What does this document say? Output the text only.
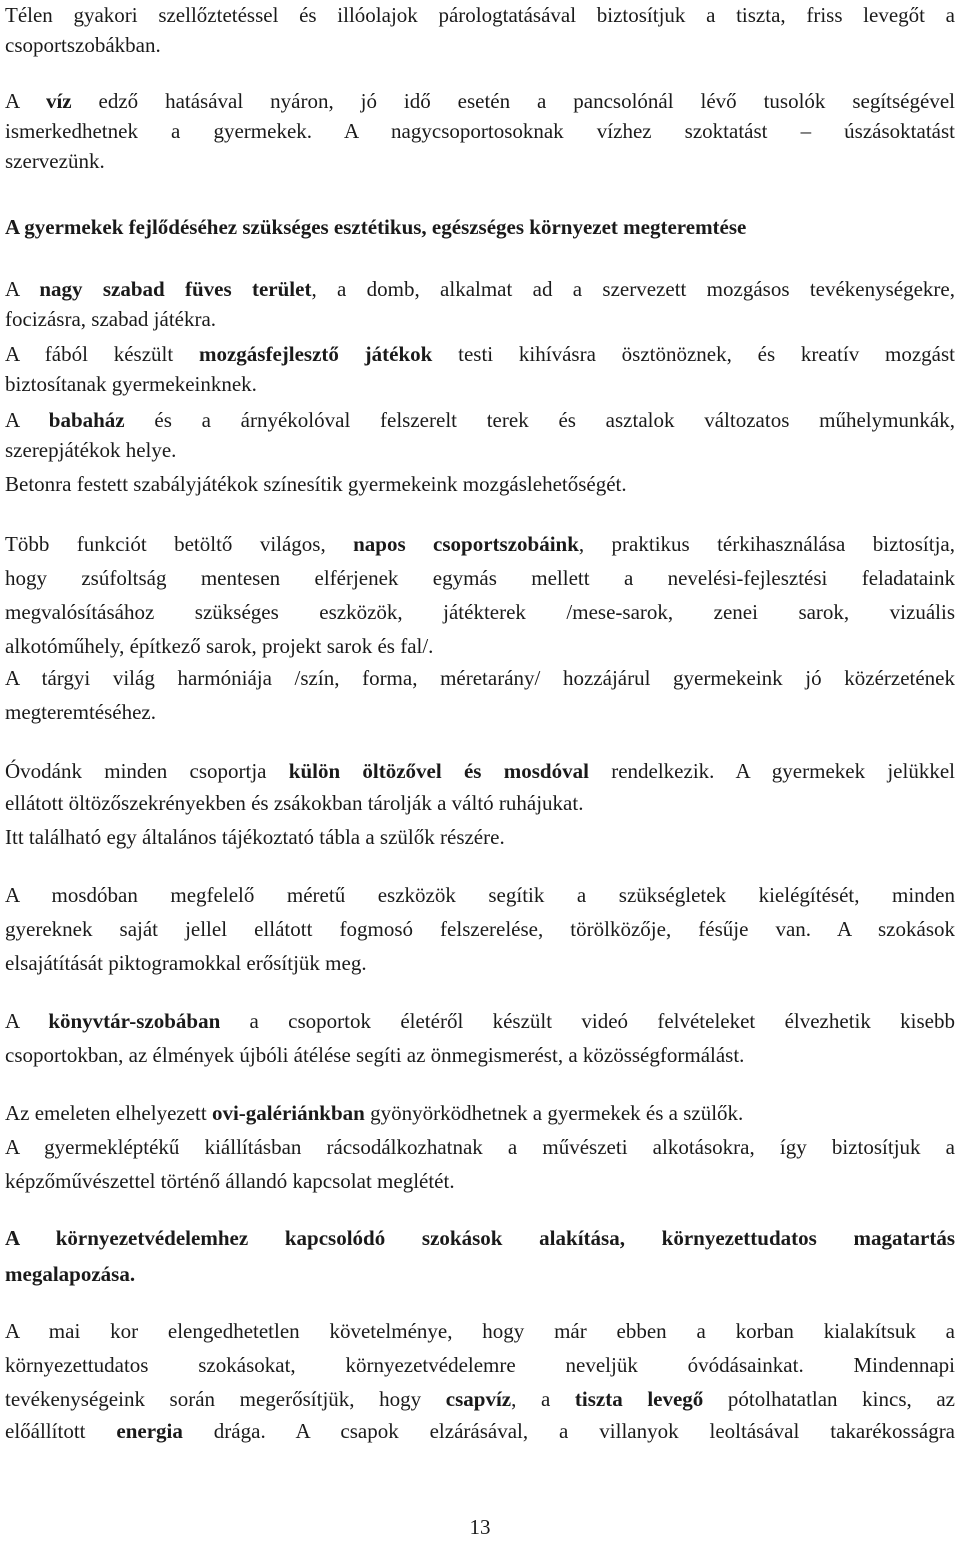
Télen gyakori szellőztetéssel és illóolajok párologtatásával biztosítjuk a tiszta, friss levegőt a
csoportszobákban.
A víz edző hatásával nyáron, jó idő esetén a pancsolónál lévő tusolók segítségével
ismerkedhetnek a gyermekek. A nagycsoportosoknak vízhez szoktatást – úszásoktatást
szervezünk.
A gyermekek fejlődéséhez szükséges esztétikus, egészséges környezet megteremtése
A nagy szabad füves terület, a domb, alkalmat ad a szervezett mozgásos tevékenységekre,
focizásra, szabad játékra.
A fából készült mozgásfejlesztő játékok testi kihívásra ösztönöznek, és kreatív mozgást
biztosítanak gyermekeinknek.
A babaház és a árnyékolóval felszerelt terek és asztalok változatos műhelymunkák,
szerepjátékok helye.
Betonra festett szabályjátékok színesítik gyermekeink mozgáslehetőségét.
Több funkciót betöltő világos, napos csoportszobáink, praktikus térkihasználása biztosítja,
hogy zsúfoltság mentesen elférjenek egymás mellett a nevelési-fejlesztési feladataink
megvalósításához szükséges eszközök, játékterek /mese-sarok, zenei sarok, vizuális
alkotóműhely, építkező sarok, projekt sarok és fal/.
A tárgyi világ harmóniája /szín, forma, méretarány/ hozzájárul gyermekeink jó közérzetének
megteremtéséhez.
Óvodánk minden csoportja külön öltözővel és mosdóval rendelkezik. A gyermekek jelükkel
ellátott öltözőszekrényekben és zsákokban tárolják a váltó ruhájukat.
Itt található egy általános tájékoztató tábla a szülők részére.
A mosdóban megfelelő méretű eszközök segítik a szükségletek kielégítését, minden
gyereknek saját jellel ellátott fogmosó felszerelése, törölközője, fésűje van. A szokások
elsajátítását piktogramokkal erősítjük meg.
A könyvtár-szobában a csoportok életéről készült videó felvételeket élvezhetik kisebb
csoportokban, az élmények újbóli átélése segíti az önmegismerést, a közösségformálást.
Az emeleten elhelyezett ovi-galériánkban gyönyörködhetnek a gyermekek és a szülők.
A gyermekléptékű kiállításban rácsodálkozhatnak a művészeti alkotásokra, így biztosítjuk a
képzőművészettel történő állandó kapcsolat meglétét.
A környezetvédelemhez kapcsolódó szokások alakítása, környezettudatos magatartás
megalapozása.
A mai kor elengedhetetlen követelménye, hogy már ebben a korban kialakítsuk a
környezettudatos szokásokat, környezetvédelemre neveljük óvódásainkat. Mindennapi
tevékenységeink során megerősítjük, hogy csapvíz, a tiszta levegő pótolhatatlan kincs, az
előállított energia drága. A csapok elzárásával, a villanyok leoltásával takarékosságra
13
